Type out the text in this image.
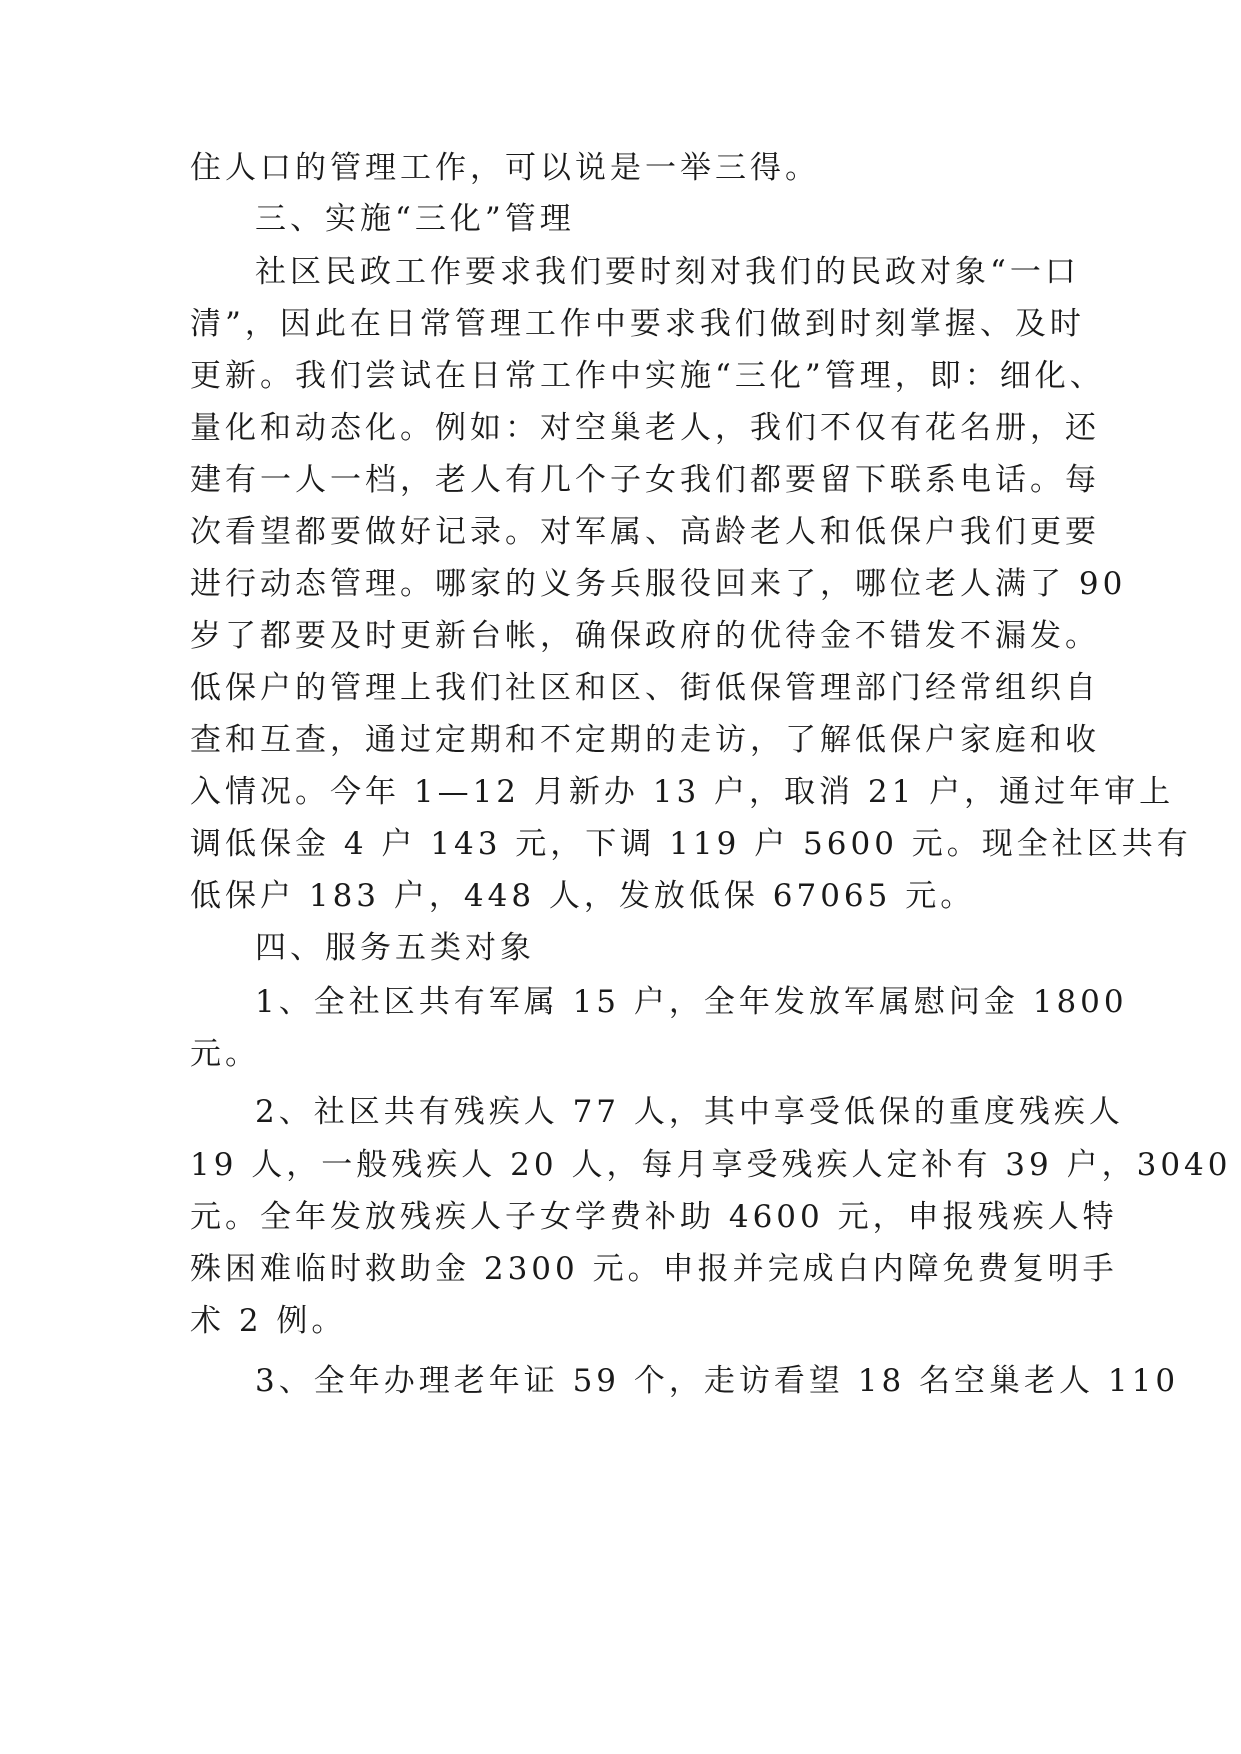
住人口的管理工作，可以说是一举三得。
三、实施“三化”管理
社区民政工作要求我们要时刻对我们的民政对象“一口
清”，因此在日常管理工作中要求我们做到时刻掌握、及时
更新。我们尝试在日常工作中实施“三化”管理，即：细化、
量化和动态化。例如：对空巢老人，我们不仅有花名册，还
建有一人一档，老人有几个子女我们都要留下联系电话。每
次看望都要做好记录。对军属、高龄老人和低保户我们更要
进行动态管理。哪家的义务兵服役回来了，哪位老人满了 90
岁了都要及时更新台帐，确保政府的优待金不错发不漏发。
低保户的管理上我们社区和区、街低保管理部门经常组织自
查和互查，通过定期和不定期的走访，了解低保户家庭和收
入情况。今年 1—12 月新办 13 户，取消 21 户，通过年审上
调低保金 4 户 143 元，下调 119 户 5600 元。现全社区共有
低保户 183 户，448 人，发放低保 67065 元。
四、服务五类对象
1、全社区共有军属 15 户，全年发放军属慰问金 1800
元。
2、社区共有残疾人 77 人，其中享受低保的重度残疾人
19 人，一般残疾人 20 人，每月享受残疾人定补有 39 户，3040
元。全年发放残疾人子女学费补助 4600 元，申报残疾人特
殊困难临时救助金 2300 元。申报并完成白内障免费复明手
术 2 例。
3、全年办理老年证 59 个，走访看望 18 名空巢老人 110
